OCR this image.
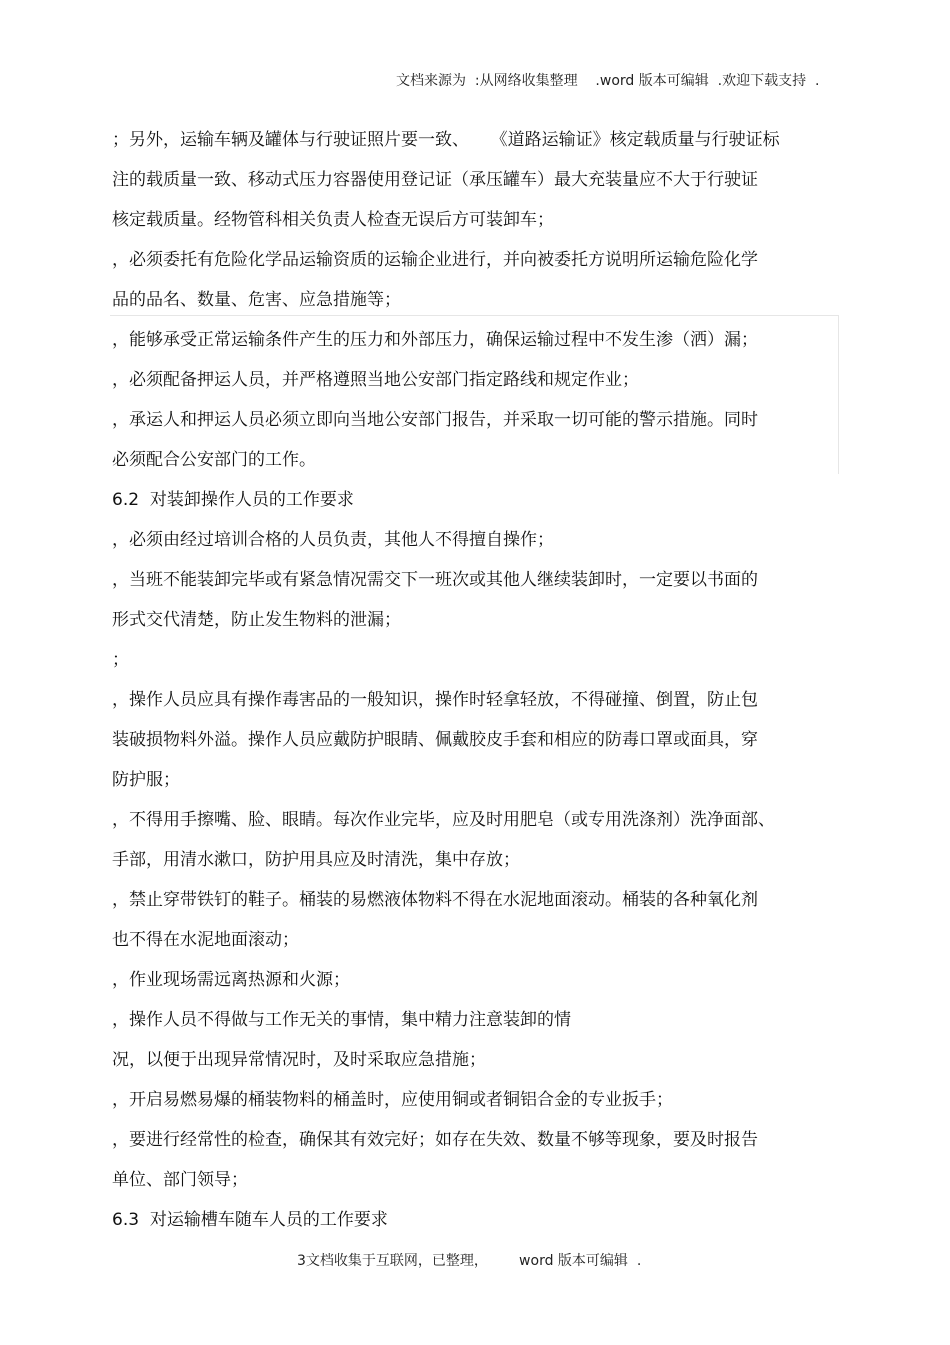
文档来源为  :从网络收集整理    .word 版本可编辑  .欢迎下载支持  .
；另外，运输车辆及罐体与行驶证照片要一致、    《道路运输证》核定载质量与行驶证标
注的载质量一致、移动式压力容器使用登记证（承压罐车）最大充装量应不大于行驶证
核定载质量。经物管科相关负责人检查无误后方可装卸车；
，必须委托有危险化学品运输资质的运输企业进行，并向被委托方说明所运输危险化学
品的品名、数量、危害、应急措施等；
，能够承受正常运输条件产生的压力和外部压力，确保运输过程中不发生渗（洒）漏；
，必须配备押运人员，并严格遵照当地公安部门指定路线和规定作业；
，承运人和押运人员必须立即向当地公安部门报告，并采取一切可能的警示措施。同时
必须配合公安部门的工作。
6.2  对装卸操作人员的工作要求
，必须由经过培训合格的人员负责，其他人不得擅自操作；
，当班不能装卸完毕或有紧急情况需交下一班次或其他人继续装卸时，一定要以书面的
形式交代清楚，防止发生物料的泄漏；
；
，操作人员应具有操作毒害品的一般知识，操作时轻拿轻放，不得碰撞、倒置，防止包
装破损物料外溢。操作人员应戴防护眼睛、佩戴胶皮手套和相应的防毒口罩或面具，穿
防护服；
，不得用手擦嘴、脸、眼睛。每次作业完毕，应及时用肥皂（或专用洗涤剂）洗净面部、
手部，用清水漱口，防护用具应及时清洗，集中存放；
，禁止穿带铁钉的鞋子。桶装的易燃液体物料不得在水泥地面滚动。桶装的各种氧化剂
也不得在水泥地面滚动；
，作业现场需远离热源和火源；
，操作人员不得做与工作无关的事情，集中精力注意装卸的情
况，以便于出现异常情况时，及时采取应急措施；
，开启易燃易爆的桶装物料的桶盖时，应使用铜或者铜铝合金的专业扳手；
，要进行经常性的检查，确保其有效完好；如存在失效、数量不够等现象，要及时报告
单位、部门领导；
6.3  对运输槽车随车人员的工作要求
3文档收集于互联网，已整理，       word 版本可编辑  .
